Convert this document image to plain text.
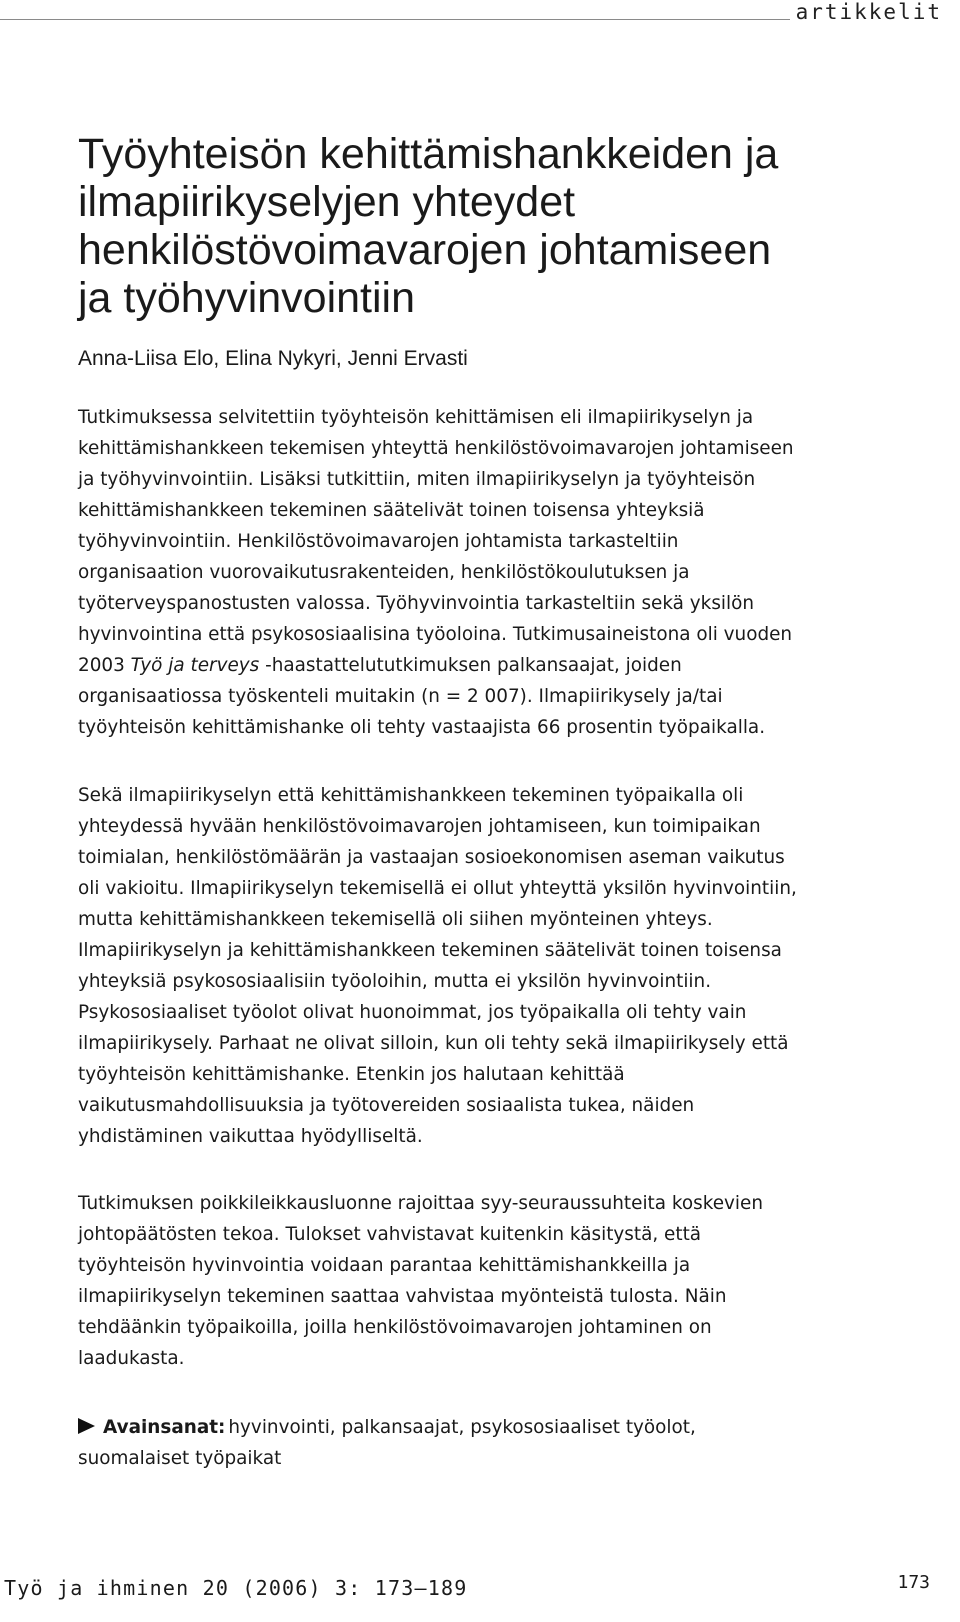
artikkelit
Työyhteisön kehittämishankkeiden ja
ilmapiirikyselyjen yhteydet
henkilöstövoimavarojen johtamiseen
ja työhyvinvointiin
Anna-Liisa Elo, Elina Nykyri, Jenni Ervasti
Tutkimuksessa selvitettiin työyhteisön kehittämisen eli ilmapiirikyselyn ja
kehittämishankkeen tekemisen yhteyttä henkilöstövoimavarojen johtamiseen
ja työhyvinvointiin. Lisäksi tutkittiin, miten ilmapiirikyselyn ja työyhteisön
kehittämishankkeen tekeminen säätelivät toinen toisensa yhteyksiä
työhyvinvointiin. Henkilöstövoimavarojen johtamista tarkasteltiin
organisaation vuorovaikutusrakenteiden, henkilöstökoulutuksen ja
työterveyspanostusten valossa. Työhyvinvointia tarkasteltiin sekä yksilön
hyvinvointina että psykososiaalisina työoloina. Tutkimusaineistona oli vuoden
2003 Työ ja terveys -haastattelututkimuksen palkansaajat, joiden
organisaatiossa työskenteli muitakin (n = 2 007). Ilmapiirikysely ja/tai
työyhteisön kehittämishanke oli tehty vastaajista 66 prosentin työpaikalla.
Sekä ilmapiirikyselyn että kehittämishankkeen tekeminen työpaikalla oli
yhteydessä hyvään henkilöstövoimavarojen johtamiseen, kun toimipaikan
toimialan, henkilöstömäärän ja vastaajan sosioekonomisen aseman vaikutus
oli vakioitu. Ilmapiirikyselyn tekemisellä ei ollut yhteyttä yksilön hyvinvointiin,
mutta kehittämishankkeen tekemisellä oli siihen myönteinen yhteys.
Ilmapiirikyselyn ja kehittämishankkeen tekeminen säätelivät toinen toisensa
yhteyksiä psykososiaalisiin työoloihin, mutta ei yksilön hyvinvointiin.
Psykososiaaliset työolot olivat huonoimmat, jos työpaikalla oli tehty vain
ilmapiirikysely. Parhaat ne olivat silloin, kun oli tehty sekä ilmapiirikysely että
työyhteisön kehittämishanke. Etenkin jos halutaan kehittää
vaikutusmahdollisuuksia ja työtovereiden sosiaalista tukea, näiden
yhdistäminen vaikuttaa hyödylliseltä.
Tutkimuksen poikkileikkausluonne rajoittaa syy-seuraussuhteita koskevien
johtopäätösten tekoa. Tulokset vahvistavat kuitenkin käsitystä, että
työyhteisön hyvinvointia voidaan parantaa kehittämishankkeilla ja
ilmapiirikyselyn tekeminen saattaa vahvistaa myönteistä tulosta. Näin
tehdäänkin työpaikoilla, joilla henkilöstövoimavarojen johtaminen on
laadukasta.
Avainsanat: hyvinvointi, palkansaajat, psykososiaaliset työolot,
suomalaiset työpaikat
Työ ja ihminen 20 (2006) 3: 173—189	173
